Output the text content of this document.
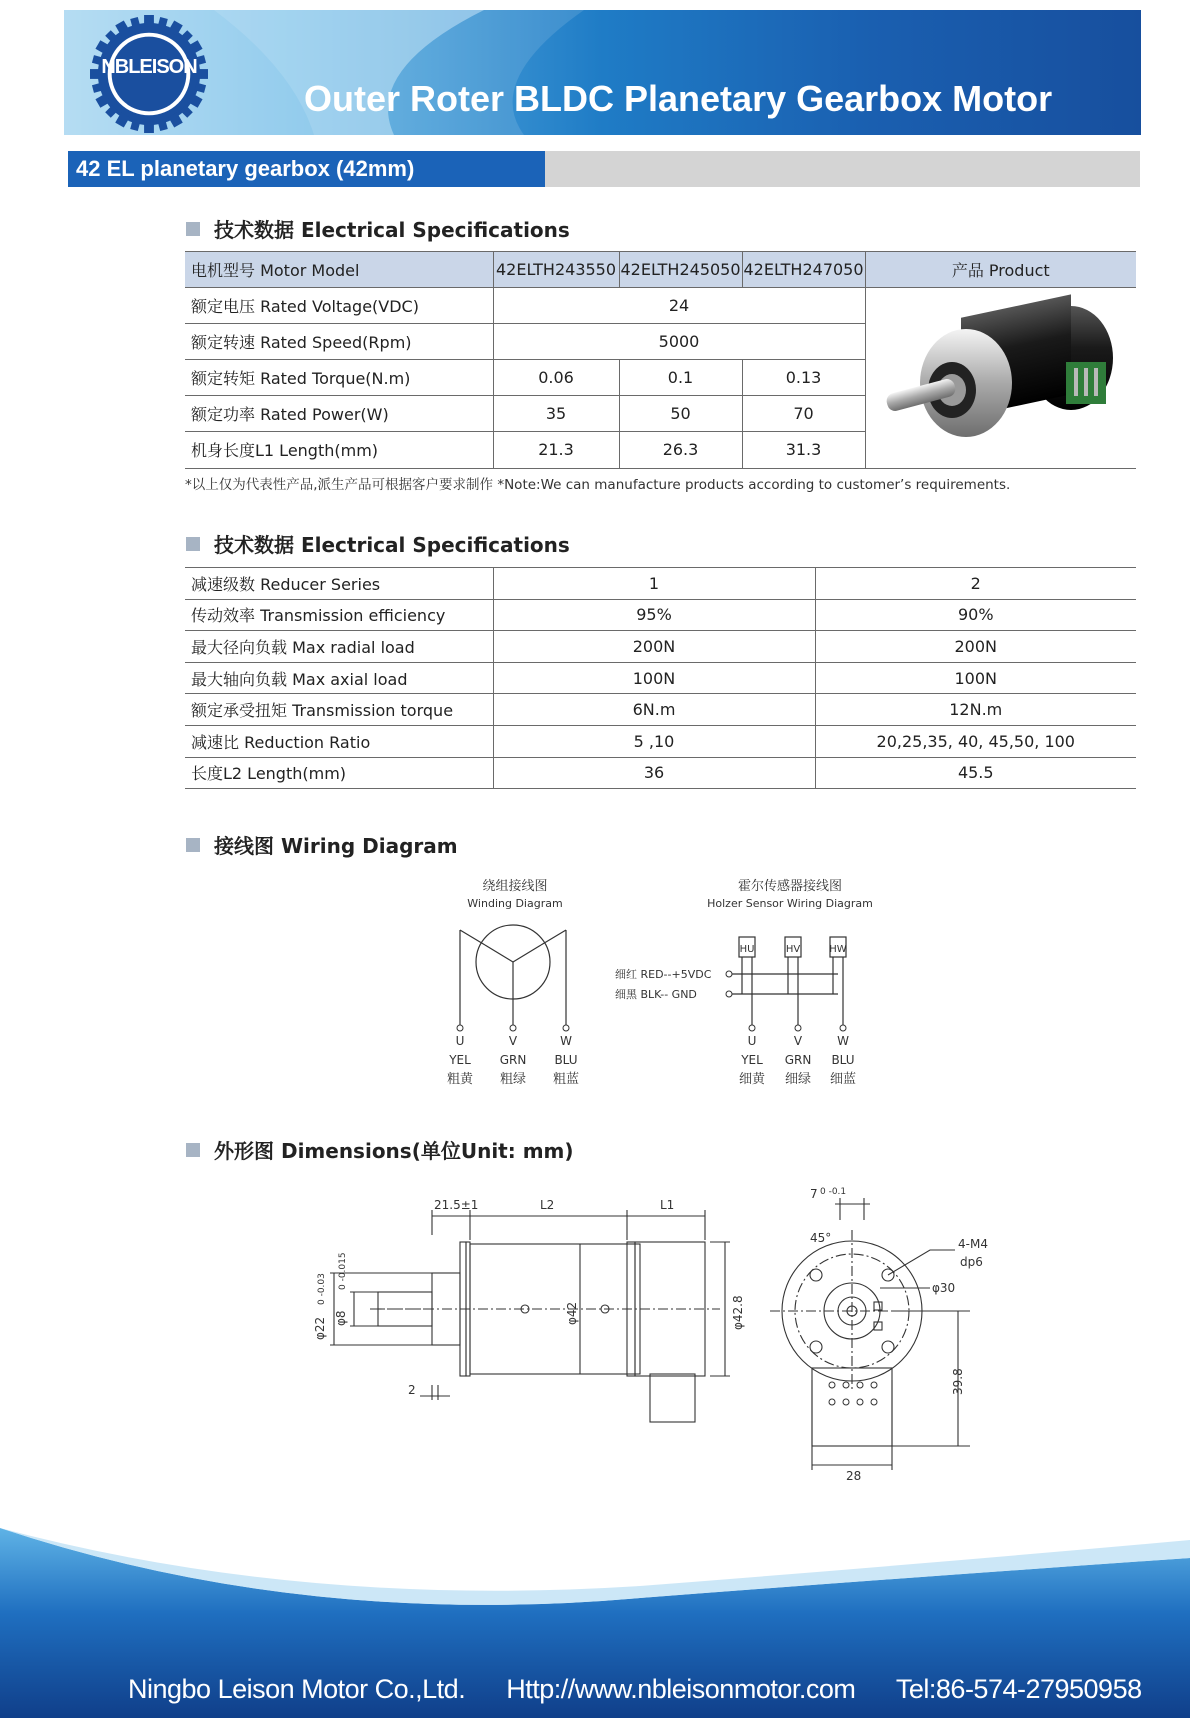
NBLEISON
Outer Roter BLDC Planetary Gearbox Motor
42 EL planetary gearbox (42mm)
技术数据 Electrical Specifications
电机型号 Motor Model	42ELTH243550	42ELTH245050	42ELTH247050	产品 Product
额定电压 Rated Voltage(VDC)	24	
额定转速 Rated Speed(Rpm)	5000			
额定转矩 Rated Torque(N.m)	0.06	0.1	0.13	
额定功率 Rated Power(W)	35	50	70	
机身长度L1 Length(mm)	21.3	26.3	31.3	
*以上仅为代表性产品,派生产品可根据客户要求制作 *Note:We can manufacture products according to customer’s requirements.
技术数据 Electrical Specifications
减速级数 Reducer Series	1	2
传动效率 Transmission efficiency	95%	90%
最大径向负载 Max radial load	200N	200N
最大轴向负载 Max axial load	100N	100N
额定承受扭矩 Transmission torque	6N.m	12N.m
减速比 Reduction Ratio	5 ,10	20,25,35, 40, 45,50, 100
长度L2 Length(mm)	36	45.5
接线图 Wiring Diagram
绕组接线图
Winding Diagram
U	V	W
YEL GRN BLU
粗黄 粗绿 粗蓝
霍尔传感器接线图
Holzer Sensor Wiring Diagram
HU	HV	HW
细红 RED--+5VDC
细黑 BLK-- GND
U	V	W
YEL GRN BLU
细黄 细绿 细蓝
外形图 Dimensions(单位Unit: mm)
21.5±1	L2	L1
φ8
0 -0.015
φ22
0 -0.03
φ42	φ42.8
2
7 0 -0.1
45°	4-M4
dp6
φ30
39.8
28
Ningbo Leison Motor Co.,Ltd. Http://www.nbleisonmotor.com Tel:86-574-27950958
